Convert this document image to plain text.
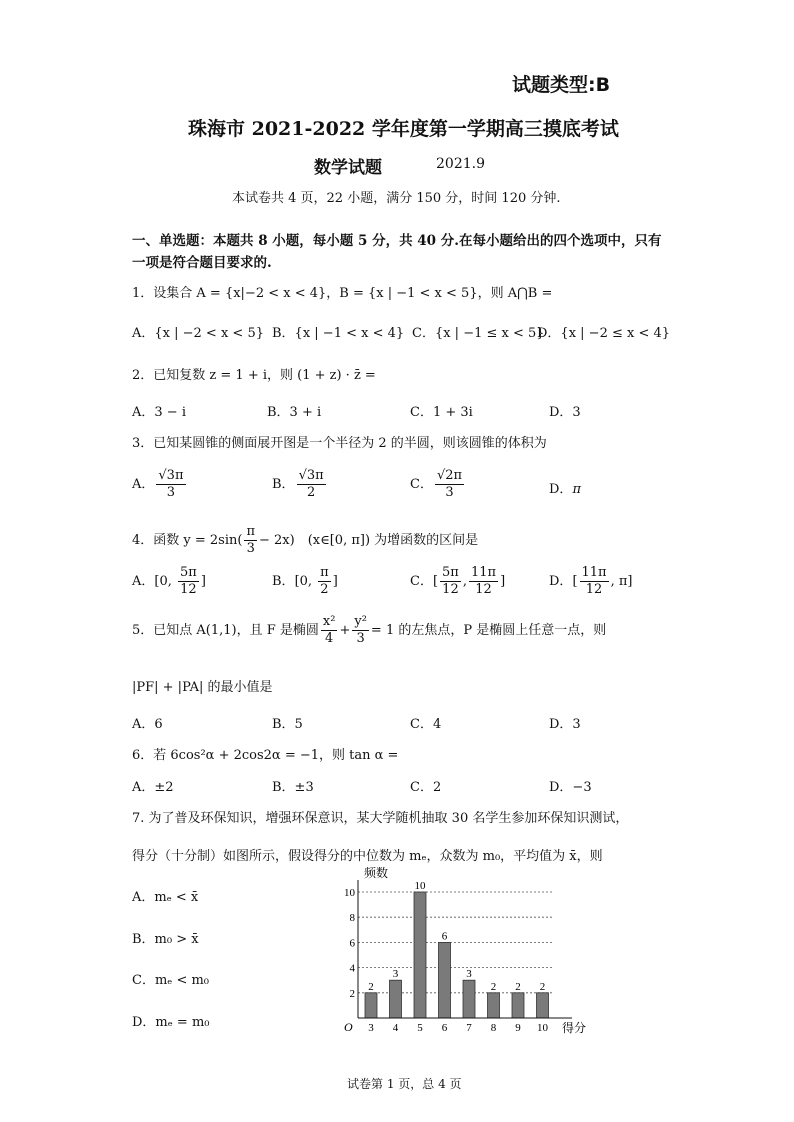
试题类型:B
珠海市 2021-2022 学年度第一学期高三摸底考试
数学试题	2021.9
本试卷共 4 页，22 小题，满分 150 分，时间 120 分钟.
一、单选题：本题共 8 小题，每小题 5 分，共 40 分.在每小题给出的四个选项中，只有
一项是符合题目要求的.
1．设集合 A = {x|−2 < x < 4}，B = {x | −1 < x < 5}，则 A⋂B =
A．{x | −2 < x < 5} B．{x | −1 < x < 4} C．{x | −1 ≤ x < 5}
D．{x | −2 ≤ x < 4}
2．已知复数 z = 1 + i，则 (1 + z) · z̄ =
A．3 − i	B．3 + i	C．1 + 3i	D．3
3．已知某圆锥的侧面展开图是一个半径为 2 的半圆，则该圆锥的体积为
A． $\frac{√3\pi}{3}$	B． $\frac{√3\pi}{2}$	C． $\frac{√2\pi}{3}$	D．π
4．函数 $y = 2\sin( \frac{\pi}{3} - 2x)$　(x∈[0, π]) 为增函数的区间是
A．[0, $\frac{5\pi}{12}$ ]	B．[0, $\frac{\pi}{2}$ ]	C．[ $\frac{5\pi}{12}$ , $\frac{11\pi}{12}$ ]	D．[ $\frac{11\pi}{12}$ , π]
5．已知点 A(1,1)，且 F 是椭圆 $\frac{\text{x²}}{4} + \frac{\text{y²}}{3} = 1$ 的左焦点，P 是椭圆上任意一点，则
|PF| + |PA| 的最小值是
A．6	B．5	C．4	D．3
6．若 6cos²α + 2cos2α = −1，则 tan α =
A．±2	B．±3	C．2	D．−3
7. 为了普及环保知识，增强环保意识，某大学随机抽取 30 名学生参加环保知识测试，
得分（十分制）如图所示，假设得分的中位数为 mₑ，众数为 m₀，平均值为 x̄，则
A．mₑ < x̄
B．m₀ > x̄
C．mₑ < m₀
D．mₑ = m₀
2
3
10
6
3
2 2 2
2
4
6
8
10
3 4 5 6 7 8 9 10
频数
得分
O
试卷第 1 页，总 4 页
